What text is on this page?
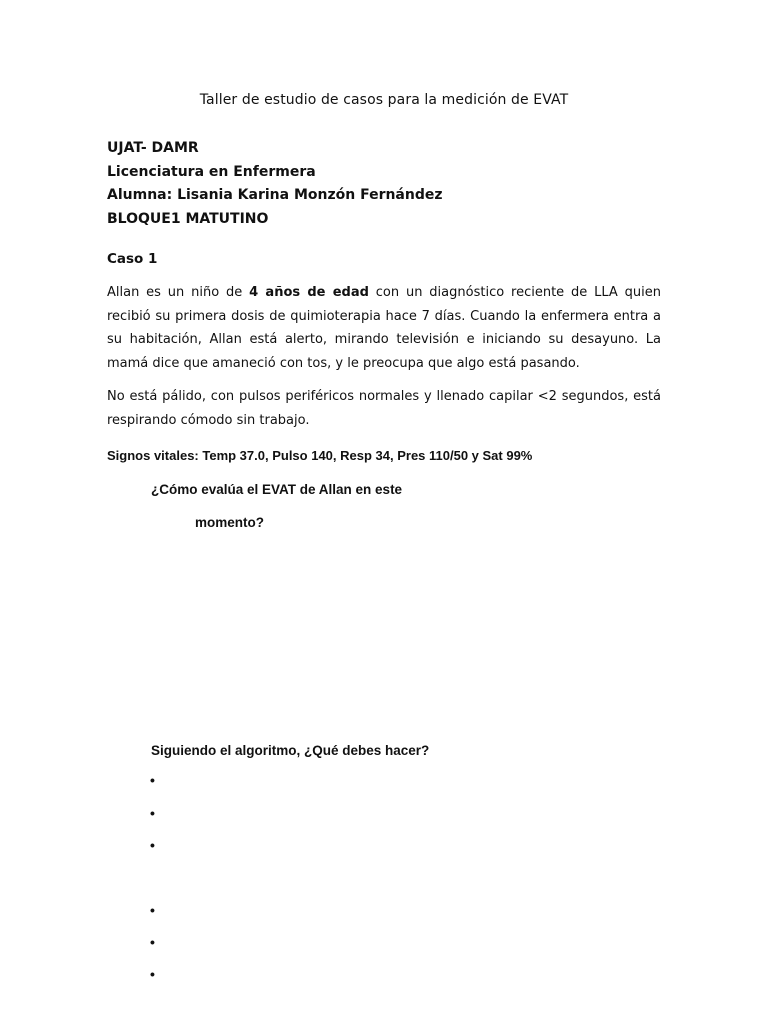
Taller de estudio de casos para la medición de EVAT
UJAT- DAMR
Licenciatura en Enfermera
Alumna: Lisania Karina Monzón Fernández
BLOQUE1 MATUTINO
Caso 1

Allan es un niño de 4 años de edad con un diagnóstico reciente de LLA quien recibió su primera dosis de quimioterapia hace 7 días. Cuando la enfermera entra a su habitación, Allan está alerto, mirando televisión e iniciando su desayuno. La mamá dice que amaneció con tos, y le preocupa que algo está pasando.

No está pálido, con pulsos periféricos normales y llenado capilar <2 segundos, está respirando cómodo sin trabajo.

Signos vitales: Temp 37.0, Pulso 140, Resp 34, Pres 110/50 y Sat 99%
¿Cómo evalúa el EVAT de Allan en este
momento?
Siguiendo el algoritmo, ¿Qué debes hacer?
•
•
•
•
•
•
